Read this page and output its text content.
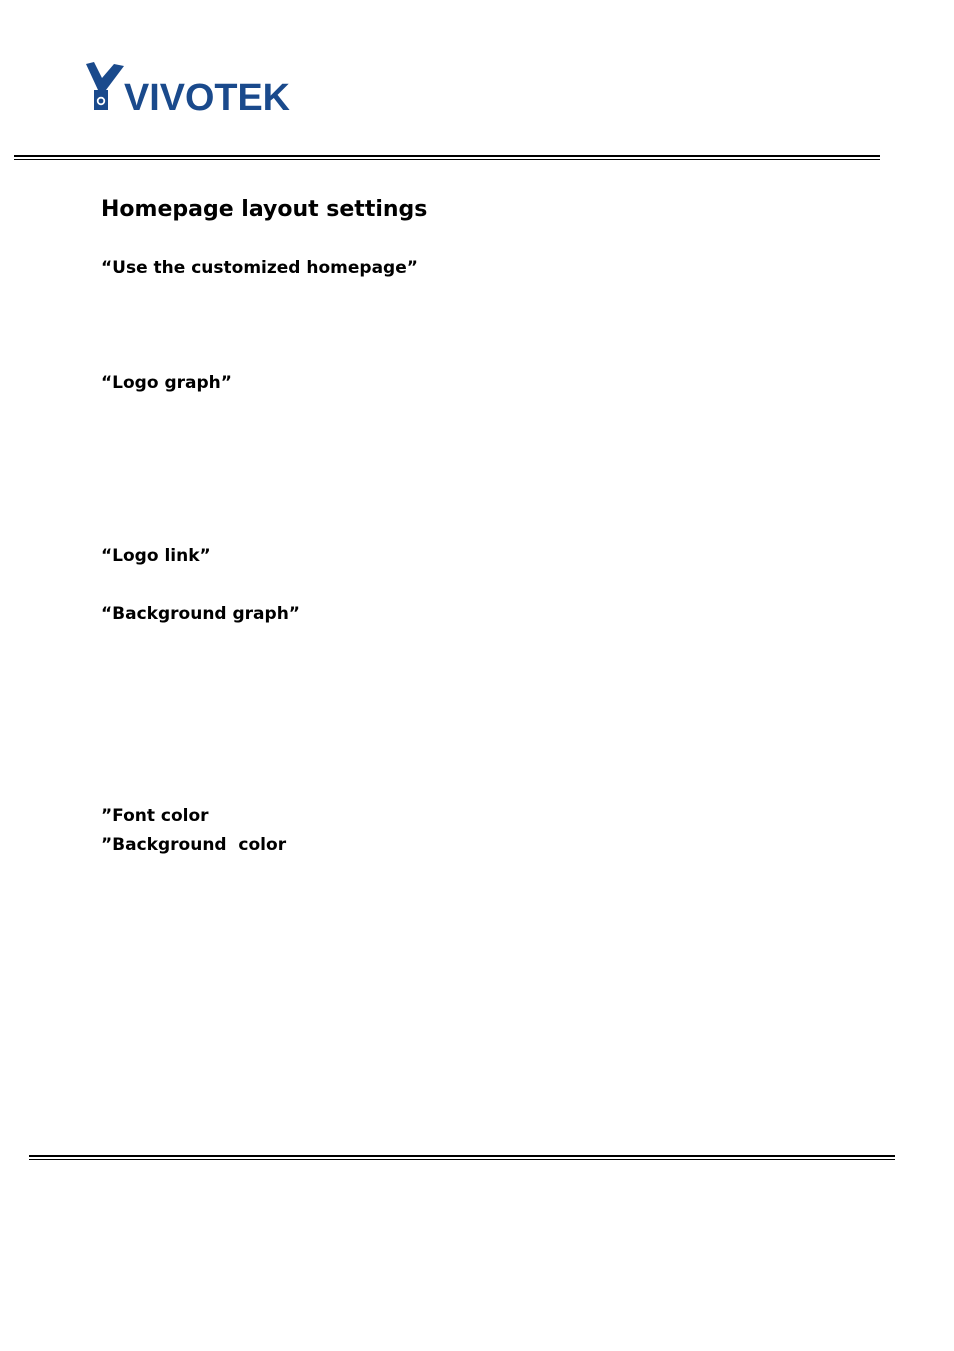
VIVOTEK
Homepage layout settings

“Use the customized homepage”

“Logo graph”

“Logo link”

“Background graph”

”Font color

”Background  color
